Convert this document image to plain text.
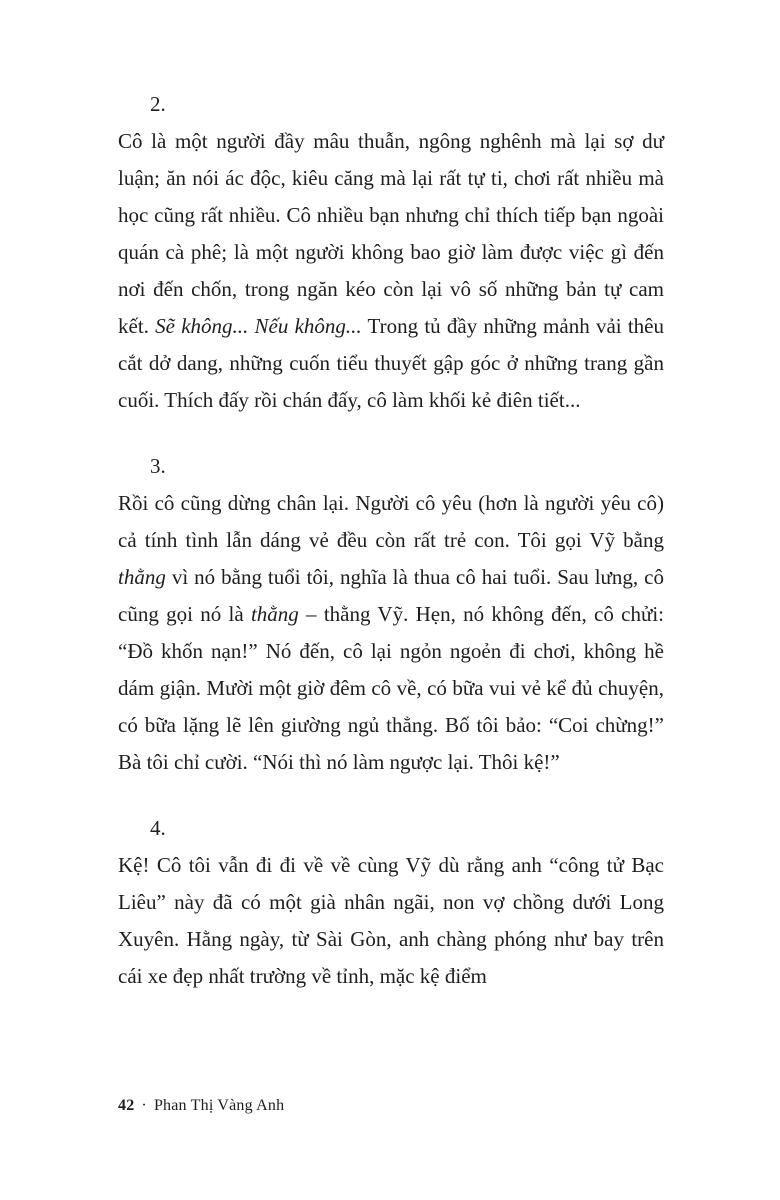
2.

Cô là một người đầy mâu thuẫn, ngông nghênh mà lại sợ dư luận; ăn nói ác độc, kiêu căng mà lại rất tự ti, chơi rất nhiều mà học cũng rất nhiều. Cô nhiều bạn nhưng chỉ thích tiếp bạn ngoài quán cà phê; là một người không bao giờ làm được việc gì đến nơi đến chốn, trong ngăn kéo còn lại vô số những bản tự cam kết. Sẽ không... Nếu không... Trong tủ đầy những mảnh vải thêu cắt dở dang, những cuốn tiểu thuyết gập góc ở những trang gần cuối. Thích đấy rồi chán đấy, cô làm khối kẻ điên tiết...

3.

Rồi cô cũng dừng chân lại. Người cô yêu (hơn là người yêu cô) cả tính tình lẫn dáng vẻ đều còn rất trẻ con. Tôi gọi Vỹ bằng thằng vì nó bằng tuổi tôi, nghĩa là thua cô hai tuổi. Sau lưng, cô cũng gọi nó là thằng – thằng Vỹ. Hẹn, nó không đến, cô chửi: “Đồ khốn nạn!” Nó đến, cô lại ngỏn ngoẻn đi chơi, không hề dám giận. Mười một giờ đêm cô về, có bữa vui vẻ kể đủ chuyện, có bữa lặng lẽ lên giường ngủ thẳng. Bố tôi bảo: “Coi chừng!” Bà tôi chỉ cười. “Nói thì nó làm ngược lại. Thôi kệ!”

4.

Kệ! Cô tôi vẫn đi đi về về cùng Vỹ dù rằng anh “công tử Bạc Liêu” này đã có một già nhân ngãi, non vợ chồng dưới Long Xuyên. Hằng ngày, từ Sài Gòn, anh chàng phóng như bay trên cái xe đẹp nhất trường về tỉnh, mặc kệ điểm

42 · Phan Thị Vàng Anh
